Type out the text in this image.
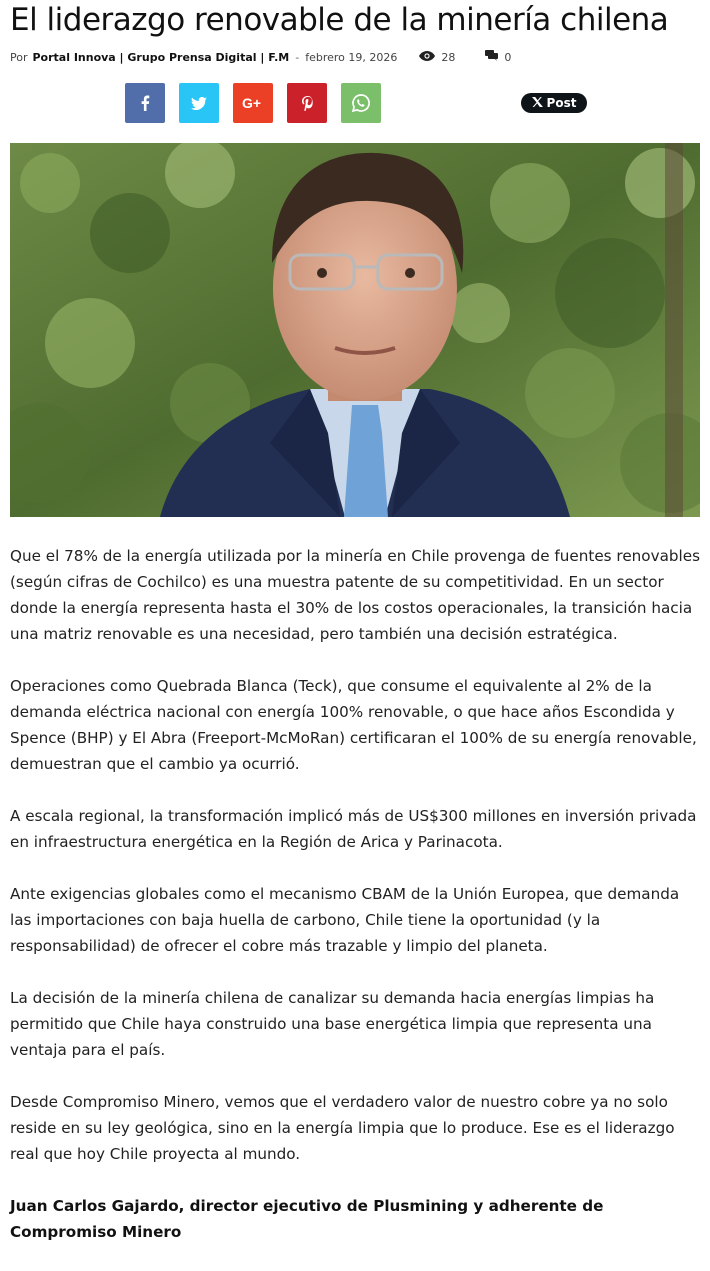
El liderazgo renovable de la minería chilena
Por Portal Innova | Grupo Prensa Digital | F.M - febrero 19, 2026	28	0
G+	Post

Que el 78% de la energía utilizada por la minería en Chile provenga de fuentes renovables (según cifras de Cochilco) es una muestra patente de su competitividad. En un sector donde la energía representa hasta el 30% de los costos operacionales, la transición hacia una matriz renovable es una necesidad, pero también una decisión estratégica.

Operaciones como Quebrada Blanca (Teck), que consume el equivalente al 2% de la demanda eléctrica nacional con energía 100% renovable, o que hace años Escondida y Spence (BHP) y El Abra (Freeport-McMoRan) certificaran el 100% de su energía renovable, demuestran que el cambio ya ocurrió.

A escala regional, la transformación implicó más de US$300 millones en inversión privada en infraestructura energética en la Región de Arica y Parinacota.

Ante exigencias globales como el mecanismo CBAM de la Unión Europea, que demanda las importaciones con baja huella de carbono, Chile tiene la oportunidad (y la responsabilidad) de ofrecer el cobre más trazable y limpio del planeta.

La decisión de la minería chilena de canalizar su demanda hacia energías limpias ha permitido que Chile haya construido una base energética limpia que representa una ventaja para el país.

Desde Compromiso Minero, vemos que el verdadero valor de nuestro cobre ya no solo reside en su ley geológica, sino en la energía limpia que lo produce. Ese es el liderazgo real que hoy Chile proyecta al mundo.

Juan Carlos Gajardo, director ejecutivo de Plusmining y adherente de Compromiso Minero
